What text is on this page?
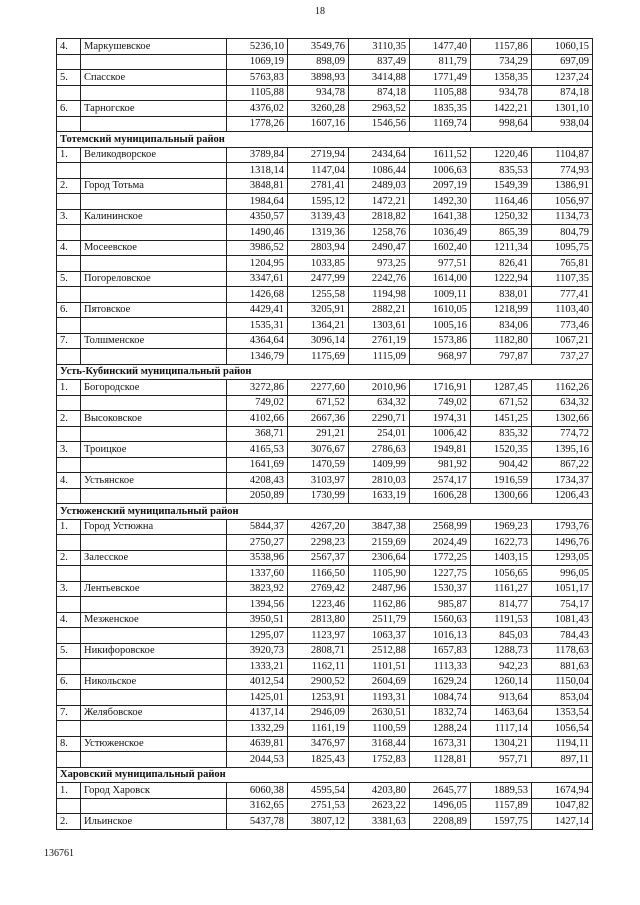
18
4.	Маркушевское	5236,10	3549,76	3110,35	1477,40	1157,86	1060,15
		1069,19	898,09	837,49	811,79	734,29	697,09
5.	Спасское	5763,83	3898,93	3414,88	1771,49	1358,35	1237,24
		1105,88	934,78	874,18	1105,88	934,78	874,18
6.	Тарногское	4376,02	3260,28	2963,52	1835,35	1422,21	1301,10
		1778,26	1607,16	1546,56	1169,74	998,64	938,04
Тотемский муниципальный район							
1.	Великодворское	3789,84	2719,94	2434,64	1611,52	1220,46	1104,87
		1318,14	1147,04	1086,44	1006,63	835,53	774,93
2.	Город Тотьма	3848,81	2781,41	2489,03	2097,19	1549,39	1386,91
		1984,64	1595,12	1472,21	1492,30	1164,46	1056,97
3.	Калининское	4350,57	3139,43	2818,82	1641,38	1250,32	1134,73
		1490,46	1319,36	1258,76	1036,49	865,39	804,79
4.	Мосеевское	3986,52	2803,94	2490,47	1602,40	1211,34	1095,75
		1204,95	1033,85	973,25	977,51	826,41	765,81
5.	Погореловское	3347,61	2477,99	2242,76	1614,00	1222,94	1107,35
		1426,68	1255,58	1194,98	1009,11	838,01	777,41
6.	Пятовское	4429,41	3205,91	2882,21	1610,05	1218,99	1103,40
		1535,31	1364,21	1303,61	1005,16	834,06	773,46
7.	Толшменское	4364,64	3096,14	2761,19	1573,86	1182,80	1067,21
		1346,79	1175,69	1115,09	968,97	797,87	737,27
Усть-Кубинский муниципальный район							
1.	Богородское	3272,86	2277,60	2010,96	1716,91	1287,45	1162,26
		749,02	671,52	634,32	749,02	671,52	634,32
2.	Высоковское	4102,66	2667,36	2290,71	1974,31	1451,25	1302,66
		368,71	291,21	254,01	1006,42	835,32	774,72
3.	Троицкое	4165,53	3076,67	2786,63	1949,81	1520,35	1395,16
		1641,69	1470,59	1409,99	981,92	904,42	867,22
4.	Устьянское	4208,43	3103,97	2810,03	2574,17	1916,59	1734,37
		2050,89	1730,99	1633,19	1606,28	1300,66	1206,43
Устюженский муниципальный район							
1.	Город Устюжна	5844,37	4267,20	3847,38	2568,99	1969,23	1793,76
		2750,27	2298,23	2159,69	2024,49	1622,73	1496,76
2.	Залесское	3538,96	2567,37	2306,64	1772,25	1403,15	1293,05
		1337,60	1166,50	1105,90	1227,75	1056,65	996,05
3.	Лентьевское	3823,92	2769,42	2487,96	1530,37	1161,27	1051,17
		1394,56	1223,46	1162,86	985,87	814,77	754,17
4.	Мезженское	3950,51	2813,80	2511,79	1560,63	1191,53	1081,43
		1295,07	1123,97	1063,37	1016,13	845,03	784,43
5.	Никифоровское	3920,73	2808,71	2512,88	1657,83	1288,73	1178,63
		1333,21	1162,11	1101,51	1113,33	942,23	881,63
6.	Никольское	4012,54	2900,52	2604,69	1629,24	1260,14	1150,04
		1425,01	1253,91	1193,31	1084,74	913,64	853,04
7.	Желябовское	4137,14	2946,09	2630,51	1832,74	1463,64	1353,54
		1332,29	1161,19	1100,59	1288,24	1117,14	1056,54
8.	Устюженское	4639,81	3476,97	3168,44	1673,31	1304,21	1194,11
		2044,53	1825,43	1752,83	1128,81	957,71	897,11
Харовский муниципальный район							
1.	Город Харовск	6060,38	4595,54	4203,80	2645,77	1889,53	1674,94
		3162,65	2751,53	2623,22	1496,05	1157,89	1047,82
2.	Ильинское	5437,78	3807,12	3381,63	2208,89	1597,75	1427,14
136761
